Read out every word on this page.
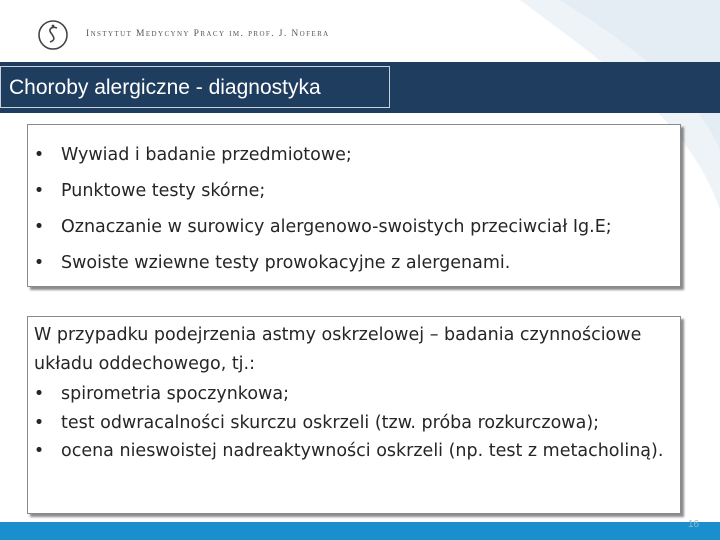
Instytut Medycyny Pracy im. prof. J. Nofera
Choroby alergiczne - diagnostyka
• Wywiad i badanie przedmiotowe;
• Punktowe testy skórne;
• Oznaczanie w surowicy alergenowo-swoistych przeciwciał Ig.E;
• Swoiste wziewne testy prowokacyjne z alergenami.
W przypadku podejrzenia astmy oskrzelowej – badania czynnościowe układu oddechowego, tj.:
• spirometria spoczynkowa;
• test odwracalności skurczu oskrzeli (tzw. próba rozkurczowa);
• ocena nieswoistej nadreaktywności oskrzeli (np. test z metacholiną).
16
